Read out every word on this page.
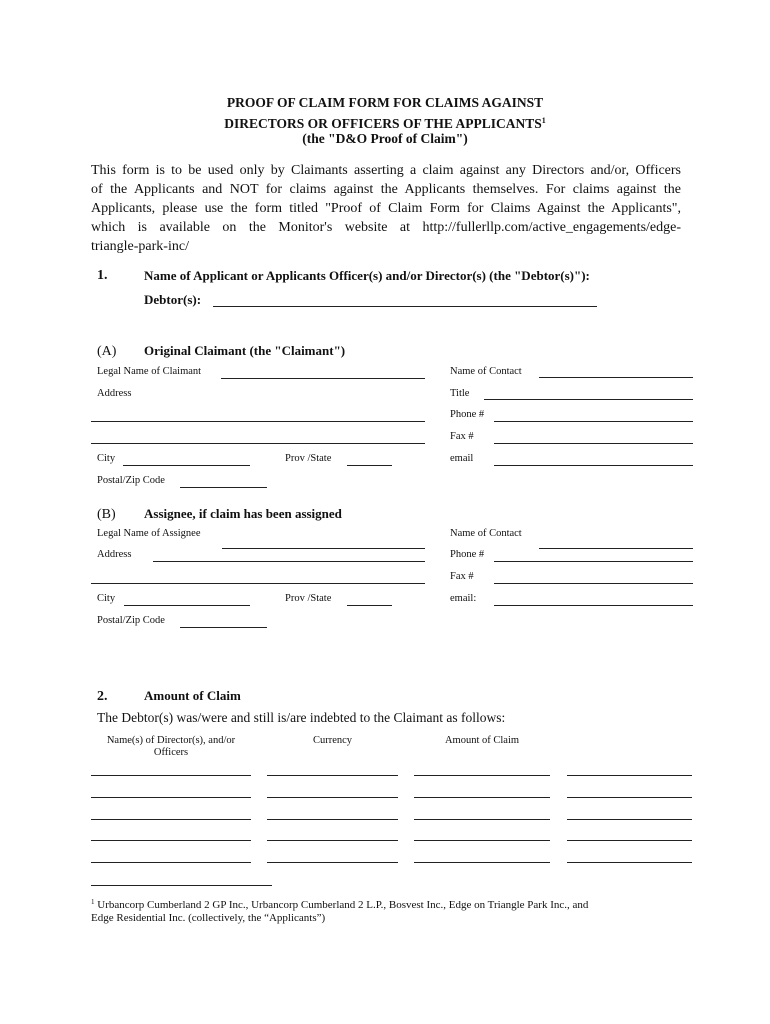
PROOF OF CLAIM FORM FOR CLAIMS AGAINST
DIRECTORS OR OFFICERS OF THE APPLICANTS$^1$
(the "D&O Proof of Claim")
This form is to be used only by Claimants asserting a claim against any Directors and/or, Officers
of the Applicants and NOT for claims against the Applicants themselves. For claims against the
Applicants, please use the form titled "Proof of Claim Form for Claims Against the Applicants",
which is available on the Monitor's website at http://fullerllp.com/active_engagements/edge-
triangle-park-inc/
1.	Name of Applicant or Applicants Officer(s) and/or Director(s) (the "Debtor(s)"):
Debtor(s):
(A) Original Claimant (the "Claimant")
Legal Name of Claimant	Name of Contact
Address	Title
Phone #
Fax #
City	Prov /State	email
Postal/Zip Code
(B) Assignee, if claim has been assigned
Legal Name of Assignee	Name of Contact
Address	Phone #
Fax #
City	Prov /State	email:
Postal/Zip Code
2.	Amount of Claim
The Debtor(s) was/were and still is/are indebted to the Claimant as follows:
Name(s) of Director(s), and/or
Officers
Currency	Amount of Claim
$^1$ Urbancorp Cumberland 2 GP Inc., Urbancorp Cumberland 2 L.P., Bosvest Inc., Edge on Triangle Park Inc., and
Edge Residential Inc. (collectively, the “Applicants”)
